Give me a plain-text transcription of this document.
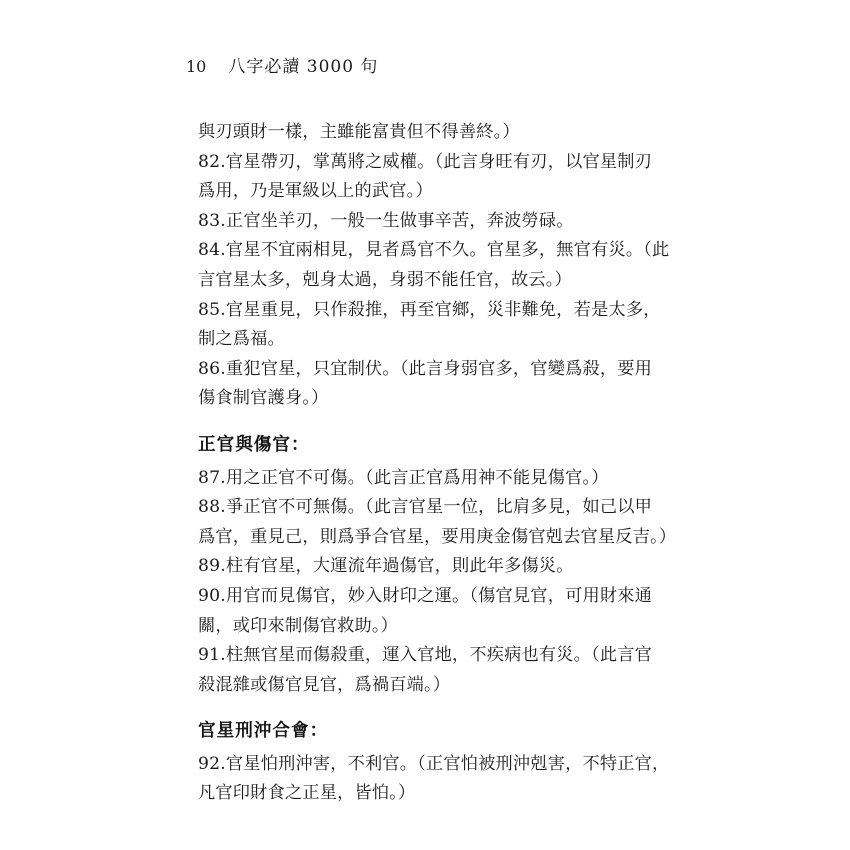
10 八字必讀 3000 句
與刃頭財一樣，主雖能富貴但不得善終。）
82.官星帶刃，掌萬將之威權。（此言身旺有刃，以官星制刃
爲用，乃是軍級以上的武官。）
83.正官坐羊刃，一般一生做事辛苦，奔波勞碌。
84.官星不宜兩相見，見者爲官不久。官星多，無官有災。（此
言官星太多，剋身太過，身弱不能任官，故云。）
85.官星重見，只作殺推，再至官鄉，災非難免，若是太多，
制之爲福。
86.重犯官星，只宜制伏。（此言身弱官多，官變爲殺，要用
傷食制官護身。）
正官與傷官：
87.用之正官不可傷。（此言正官爲用神不能見傷官。）
88.爭正官不可無傷。（此言官星一位，比肩多見，如己以甲
爲官，重見己，則爲爭合官星，要用庚金傷官剋去官星反吉。）
89.柱有官星，大運流年過傷官，則此年多傷災。
90.用官而見傷官，妙入財印之運。（傷官見官，可用財來通
關，或印來制傷官救助。）
91.柱無官星而傷殺重，運入官地，不疾病也有災。（此言官
殺混雜或傷官見官，爲禍百端。）
官星刑沖合會：
92.官星怕刑沖害，不利官。（正官怕被刑沖剋害，不特正官，
凡官印財食之正星，皆怕。）
